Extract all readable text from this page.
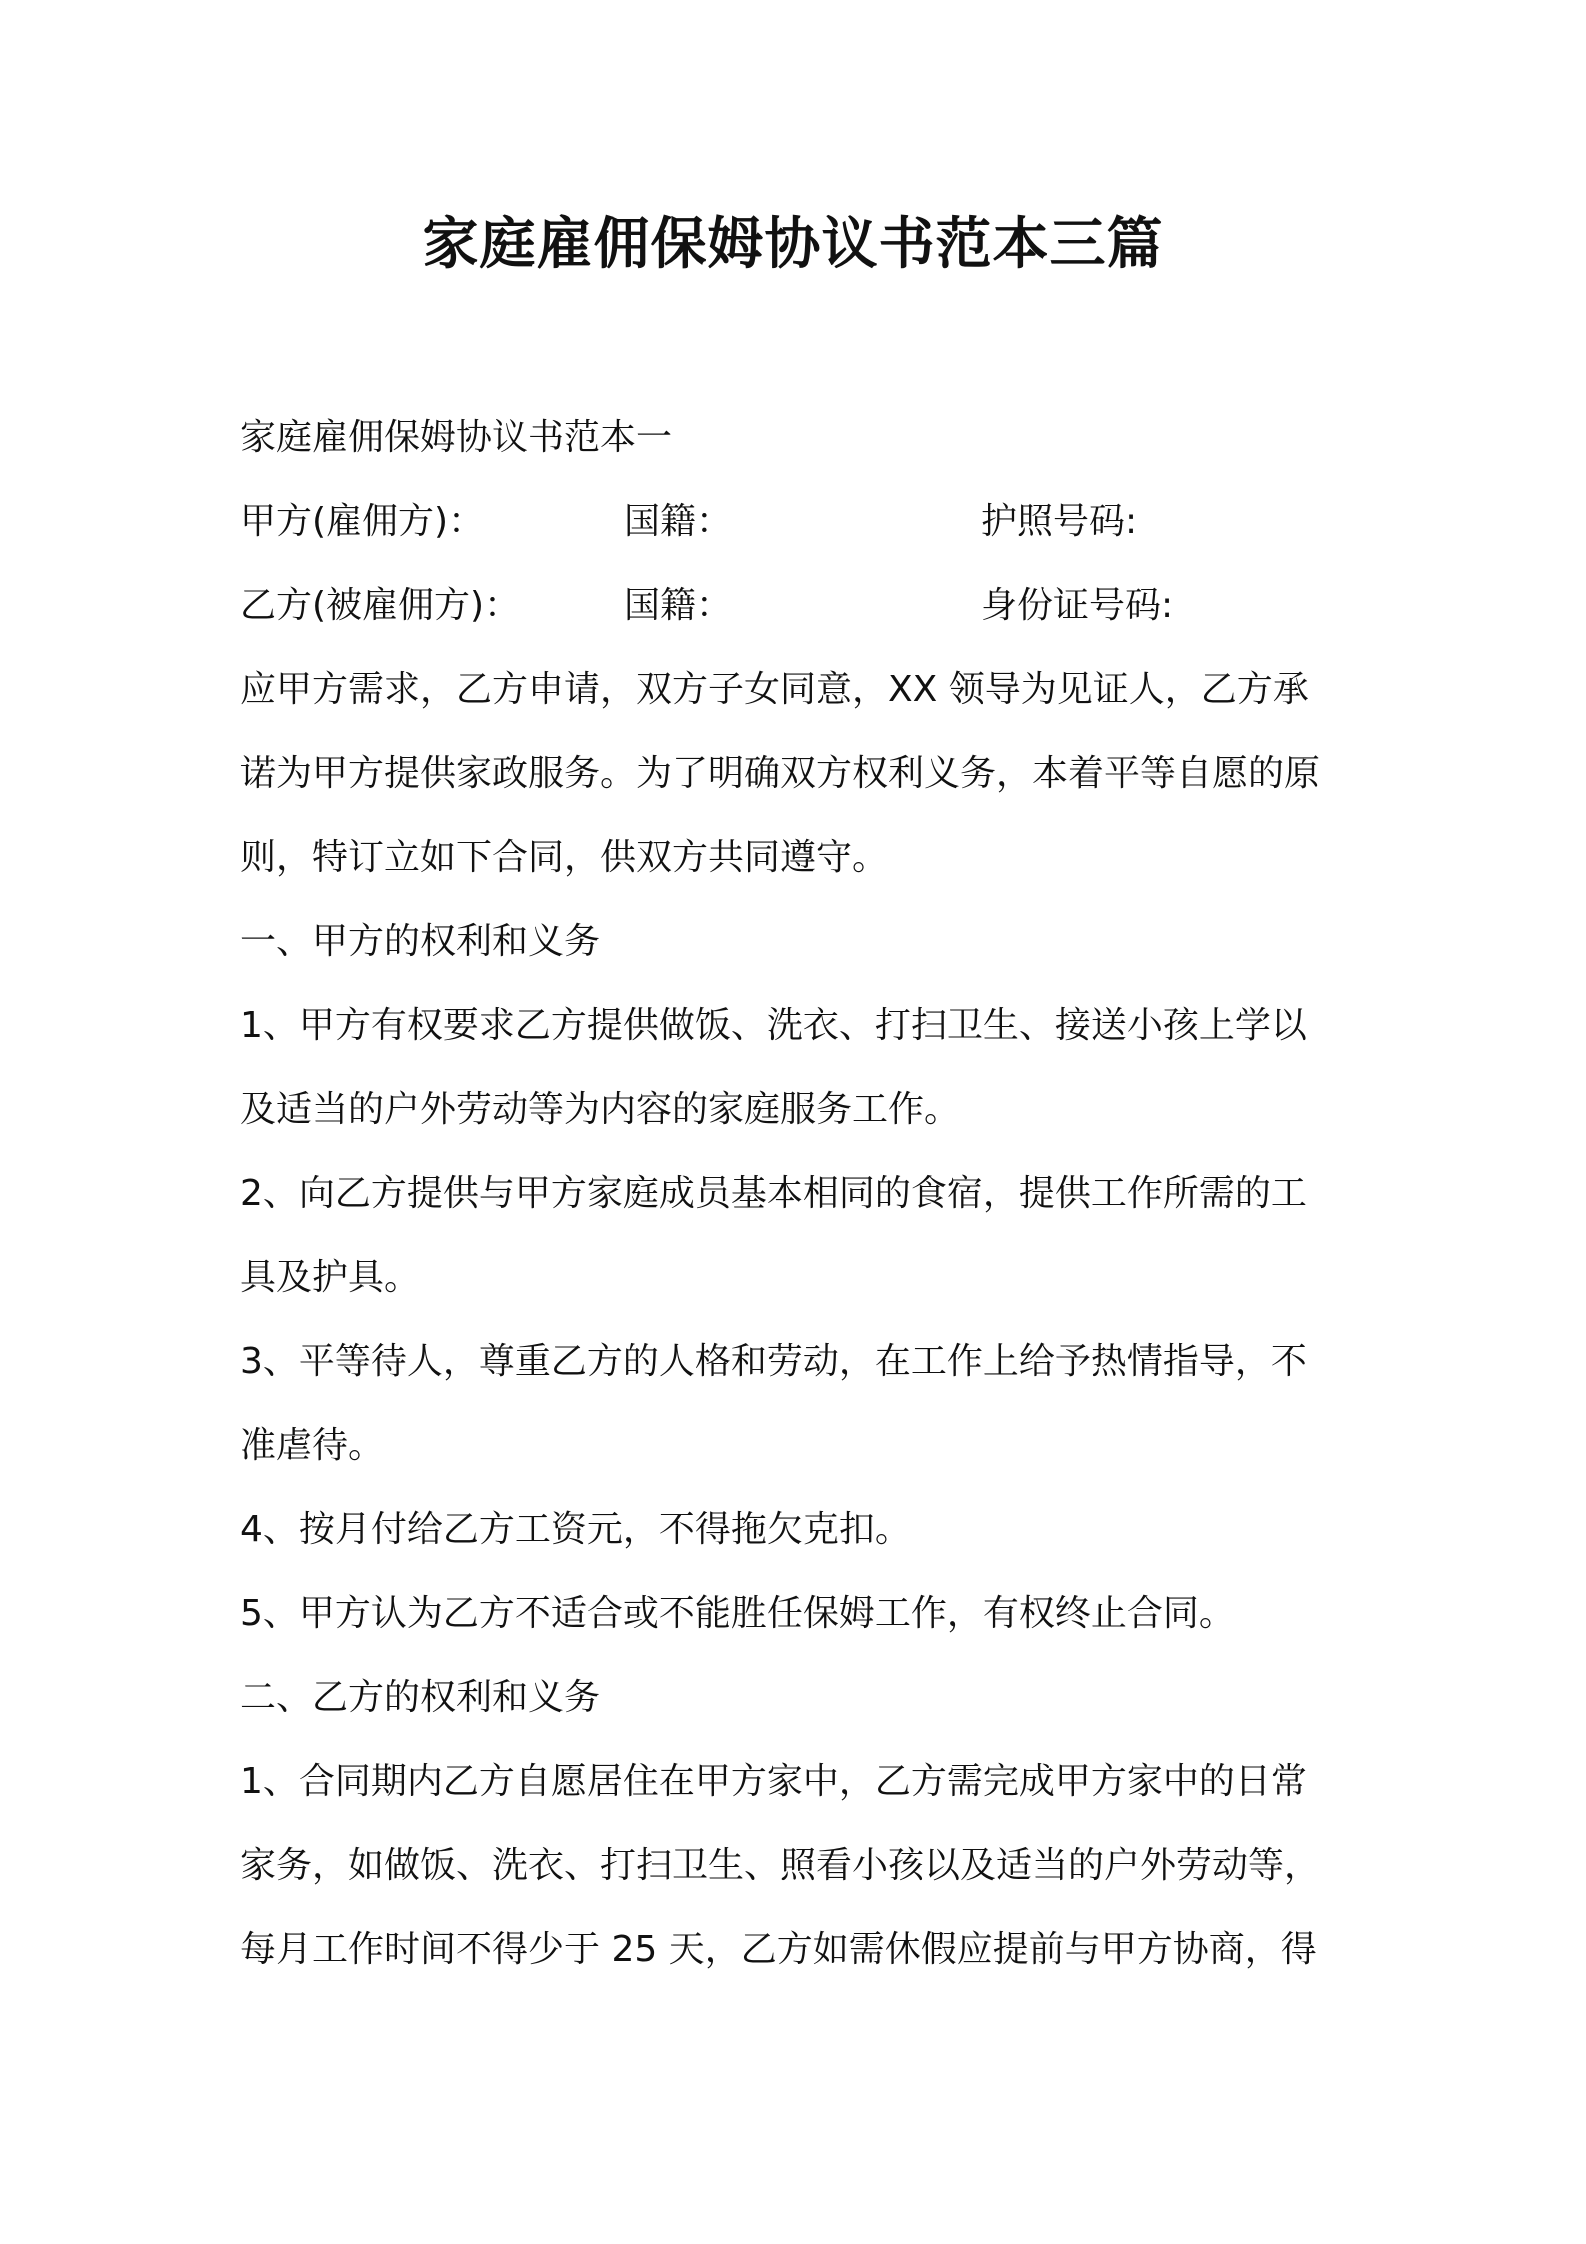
家庭雇佣保姆协议书范本三篇
家庭雇佣保姆协议书范本一
甲方(雇佣方)：	国籍：	护照号码:
乙方(被雇佣方)：	国籍：	身份证号码:
应甲方需求，乙方申请，双方子女同意，XX 领导为见证人，乙方承
诺为甲方提供家政服务。为了明确双方权利义务，本着平等自愿的原
则，特订立如下合同，供双方共同遵守。
一、甲方的权利和义务
1、甲方有权要求乙方提供做饭、洗衣、打扫卫生、接送小孩上学以
及适当的户外劳动等为内容的家庭服务工作。
2、向乙方提供与甲方家庭成员基本相同的食宿，提供工作所需的工
具及护具。
3、平等待人，尊重乙方的人格和劳动，在工作上给予热情指导，不
准虐待。
4、按月付给乙方工资元，不得拖欠克扣。
5、甲方认为乙方不适合或不能胜任保姆工作，有权终止合同。
二、乙方的权利和义务
1、合同期内乙方自愿居住在甲方家中，乙方需完成甲方家中的日常
家务，如做饭、洗衣、打扫卫生、照看小孩以及适当的户外劳动等，
每月工作时间不得少于 25 天，乙方如需休假应提前与甲方协商，得
